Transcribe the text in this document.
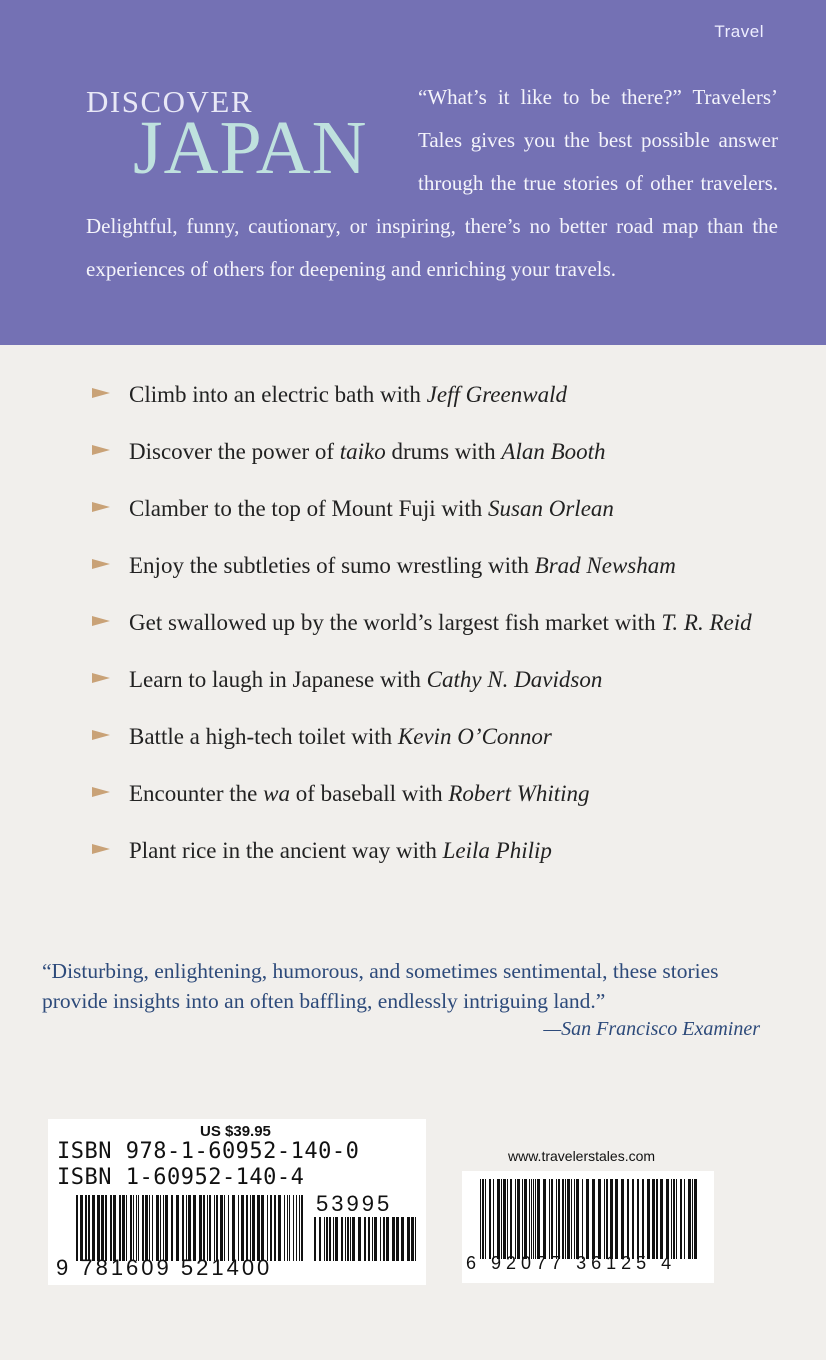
Travel
DISCOVER
JAPAN

“What’s it like to be there?” Travelers’ Tales gives you the best possible answer through the true stories of other travelers. Delightful, funny, cautionary, or inspiring, there’s no better road map than the experiences of others for deepening and enriching your travels.

Climb into an electric bath with Jeff Greenwald
Discover the power of taiko drums with Alan Booth
Clamber to the top of Mount Fuji with Susan Orlean
Enjoy the subtleties of sumo wrestling with Brad Newsham
Get swallowed up by the world’s largest fish market with T. R. Reid
Learn to laugh in Japanese with Cathy N. Davidson
Battle a high-tech toilet with Kevin O’Connor
Encounter the wa of baseball with Robert Whiting
Plant rice in the ancient way with Leila Philip

“Disturbing, enlightening, humorous, and sometimes sentimental, these stories provide insights into an often baffling, endlessly intriguing land.”

—San Francisco Examiner
US $39.95
ISBN 978-1-60952-140-0
ISBN 1-60952-140-4
53995
9 781609 521400
www.travelerstales.com
6 92077 36125 4
